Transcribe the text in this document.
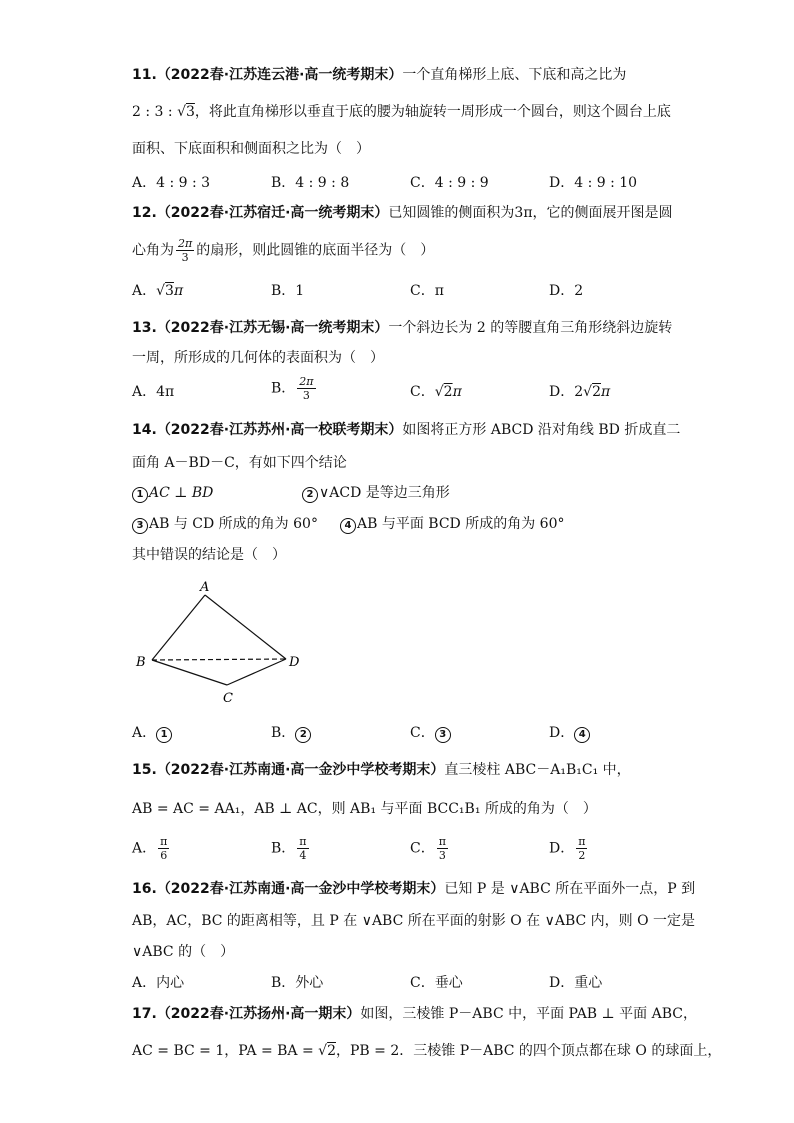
11.（2022春·江苏连云港·高一统考期末）一个直角梯形上底、下底和高之比为
2 : 3 : √3，将此直角梯形以垂直于底的腰为轴旋转一周形成一个圆台，则这个圆台上底
面积、下底面积和侧面积之比为（　）
A．4 : 9 : 3	B．4 : 9 : 8	C．4 : 9 : 9	D．4 : 9 : 10
12.（2022春·江苏宿迁·高一统考期末）已知圆锥的侧面积为3π，它的侧面展开图是圆
心角为 $\frac{2\pi}{3}$ 的扇形，则此圆锥的底面半径为（　）
A．√3π	B．1	C．π	D．2
13.（2022春·江苏无锡·高一统考期末）一个斜边长为 2 的等腰直角三角形绕斜边旋转
一周，所形成的几何体的表面积为（　）
A．4π	B． $\frac{2\pi}{3}$	C．√2π	D．2√2π
14.（2022春·江苏苏州·高一校联考期末）如图将正方形 ABCD 沿对角线 BD 折成直二
面角 A－BD－C，有如下四个结论
1 AC ⊥ BD	2 ∨ACD 是等边三角形
3 AB 与 CD 所成的角为 60°	4 AB 与平面 BCD 所成的角为 60°
其中错误的结论是（　）
A
B
C
D
A． 1	B． 2	C． 3	D． 4
15.（2022春·江苏南通·高一金沙中学校考期末）直三棱柱 ABC－A₁B₁C₁ 中，
AB = AC = AA₁，AB ⊥ AC，则 AB₁ 与平面 BCC₁B₁ 所成的角为（　）
A． $\frac{\pi}{6}$	B． $\frac{\pi}{4}$	C． $\frac{\pi}{3}$	D． $\frac{\pi}{2}$
16.（2022春·江苏南通·高一金沙中学校考期末）已知 P 是 ∨ABC 所在平面外一点，P 到
AB，AC，BC 的距离相等，且 P 在 ∨ABC 所在平面的射影 O 在 ∨ABC 内，则 O 一定是
∨ABC 的（　）
A．内心	B．外心	C．垂心	D．重心
17.（2022春·江苏扬州·高一期末）如图，三棱锥 P－ABC 中，平面 PAB ⊥ 平面 ABC，
AC = BC = 1，PA = BA = √2，PB = 2．三棱锥 P－ABC 的四个顶点都在球 O 的球面上，
